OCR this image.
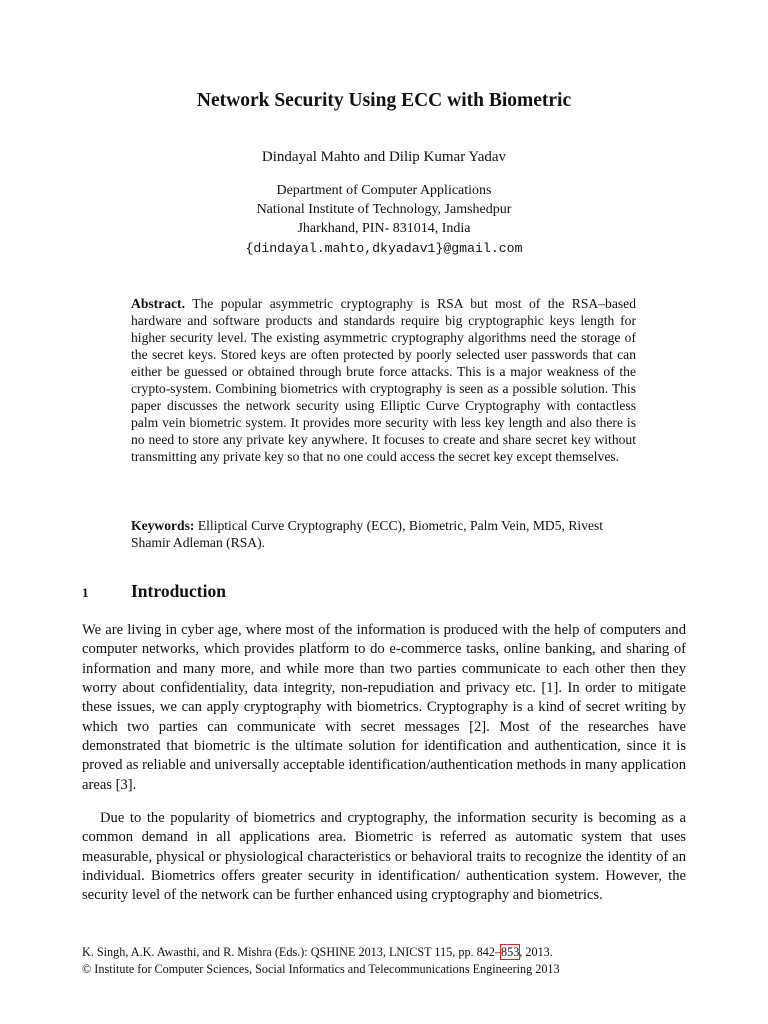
Network Security Using ECC with Biometric
Dindayal Mahto and Dilip Kumar Yadav
Department of Computer Applications
National Institute of Technology, Jamshedpur
Jharkhand, PIN- 831014, India
{dindayal.mahto,dkyadav1}@gmail.com

Abstract. The popular asymmetric cryptography is RSA but most of the RSA–based hardware and software products and standards require big cryptographic keys length for higher security level. The existing asymmetric cryptography algorithms need the storage of the secret keys. Stored keys are often protected by poorly selected user passwords that can either be guessed or obtained through brute force attacks. This is a major weakness of the crypto-system. Combining biometrics with cryptography is seen as a possible solution. This paper discusses the network security using Elliptic Curve Cryptography with contactless palm vein biometric system. It provides more security with less key length and also there is no need to store any private key anywhere. It focuses to create and share secret key without transmitting any private key so that no one could access the secret key except themselves.

Keywords: Elliptical Curve Cryptography (ECC), Biometric, Palm Vein, MD5, Rivest Shamir Adleman (RSA).

1 Introduction

We are living in cyber age, where most of the information is produced with the help of computers and computer networks, which provides platform to do e-commerce tasks, online banking, and sharing of information and many more, and while more than two parties communicate to each other then they worry about confidentiality, data integrity, non-repudiation and privacy etc. [1]. In order to mitigate these issues, we can apply cryptography with biometrics. Cryptography is a kind of secret writing by which two parties can communicate with secret messages [2]. Most of the researches have demonstrated that biometric is the ultimate solution for identification and authentication, since it is proved as reliable and universally acceptable identification/authentication methods in many application areas [3].

Due to the popularity of biometrics and cryptography, the information security is becoming as a common demand in all applications area. Biometric is referred as automatic system that uses measurable, physical or physiological characteristics or behavioral traits to recognize the identity of an individual. Biometrics offers greater security in identification/ authentication system. However, the security level of the network can be further enhanced using cryptography and biometrics.

K. Singh, A.K. Awasthi, and R. Mishra (Eds.): QSHINE 2013, LNICST 115, pp. 842–853, 2013.
© Institute for Computer Sciences, Social Informatics and Telecommunications Engineering 2013
